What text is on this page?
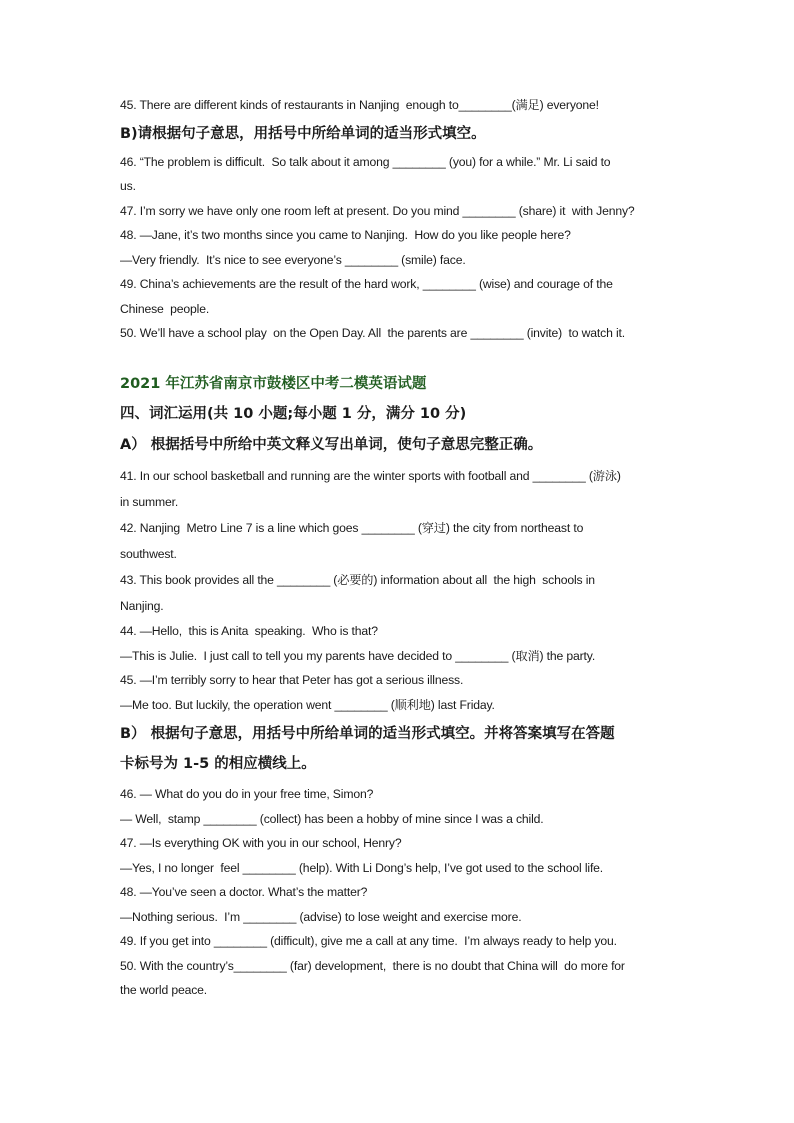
45. There are different kinds of restaurants in Nanjing  enough to________(满足) everyone!

B)请根据句子意思，用括号中所给单词的适当形式填空。

46. “The problem is difficult.  So talk about it among ________ (you) for a while.” Mr. Li said to

us.

47. I’m sorry we have only one room left at present. Do you mind ________ (share) it  with Jenny?

48. —Jane, it’s two months since you came to Nanjing.  How do you like people here?

—Very friendly.  It’s nice to see everyone’s ________ (smile) face.

49. China’s achievements are the result of the hard work, ________ (wise) and courage of the

Chinese  people.

50. We’ll have a school play  on the Open Day. All  the parents are ________ (invite)  to watch it.

2021 年江苏省南京市鼓楼区中考二模英语试题

四、词汇运用(共 10 小题;每小题 1 分，满分 10 分)

A） 根据括号中所给中英文释义写出单词，使句子意思完整正确。

41. In our school basketball and running are the winter sports with football and ________ (游泳)

in summer.

42. Nanjing  Metro Line 7 is a line which goes ________ (穿过) the city from northeast to

southwest.

43. This book provides all the ________ (必要的) information about all  the high  schools in

Nanjing.

44. —Hello,  this is Anita  speaking.  Who is that?

—This is Julie.  I just call to tell you my parents have decided to ________ (取消) the party.

45. —I’m terribly sorry to hear that Peter has got a serious illness.

—Me too. But luckily, the operation went ________ (顺利地) last Friday.

B） 根据句子意思，用括号中所给单词的适当形式填空。并将答案填写在答题

卡标号为 1-5 的相应横线上。

46. — What do you do in your free time, Simon?

— Well,  stamp ________ (collect) has been a hobby of mine since I was a child.

47. —Is everything OK with you in our school, Henry?

—Yes, I no longer  feel ________ (help). With Li Dong’s help, I’ve got used to the school life.

48. —You’ve seen a doctor. What’s the matter?

—Nothing serious.  I’m ________ (advise) to lose weight and exercise more.

49. If you get into ________ (difficult), give me a call at any time.  I’m always ready to help you.

50. With the country’s________ (far) development,  there is no doubt that China will  do more for

the world peace.
